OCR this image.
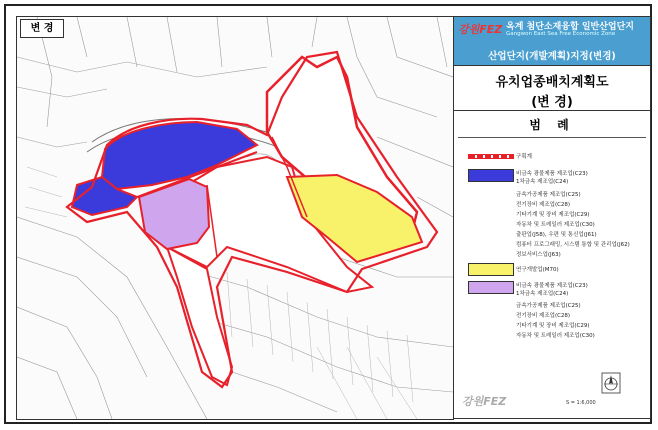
변 경	강원FEZ 옥계 첨단소재융합 일반산업단지
Gangwon East Sea Free Economic Zone
산업단지(개발계획)지정(변경)
유치업종배치계획도
(변 경)
범 례
구획계
비금속 광물제품 제조업(C23)
1차금속 제조업(C24)
금속가공제품 제조업(C25)
전기장비 제조업(C28)
기타기계 및 장비 제조업(C29)
자동차 및 트레일러 제조업(C30)
출판업(J58), 우편 및 통신업(J61)
컴퓨터 프로그래밍, 시스템 통합 및 관리업(J62)
정보서비스업(J63)
연구개발업(M70)
비금속 광물제품 제조업(C23)
1차금속 제조업(C24)
금속가공제품 제조업(C25)
전기장비 제조업(C28)
기타기계 및 장비 제조업(C29)
자동차 및 트레일러 제조업(C30)
강원FEZ	S = 1:6,000
